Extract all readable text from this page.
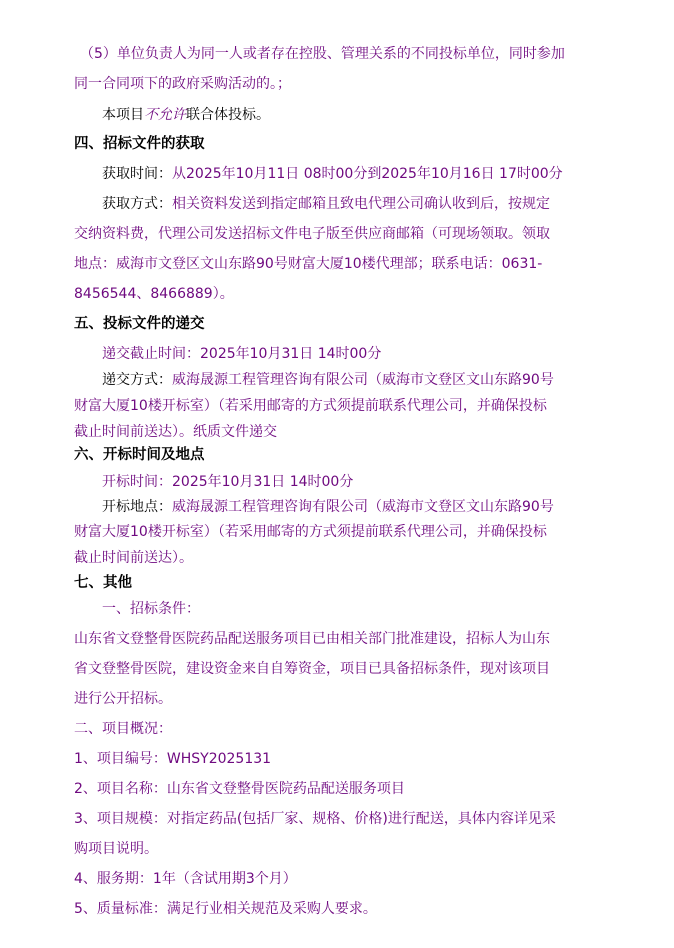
（5）单位负责人为同一人或者存在控股、管理关系的不同投标单位，同时参加
同一合同项下的政府采购活动的。；
本项目不允许联合体投标。
四、招标文件的获取
获取时间：从2025年10月11日 08时00分到2025年10月16日 17时00分
获取方式：相关资料发送到指定邮箱且致电代理公司确认收到后，按规定
交纳资料费，代理公司发送招标文件电子版至供应商邮箱（可现场领取。领取
地点：威海市文登区文山东路90号财富大厦10楼代理部；联系电话：0631-
8456544、8466889）。
五、投标文件的递交
递交截止时间：2025年10月31日 14时00分
递交方式：威海晟源工程管理咨询有限公司（威海市文登区文山东路90号
财富大厦10楼开标室）（若采用邮寄的方式须提前联系代理公司，并确保投标
截止时间前送达）。纸质文件递交
六、开标时间及地点
开标时间：2025年10月31日 14时00分
开标地点：威海晟源工程管理咨询有限公司（威海市文登区文山东路90号
财富大厦10楼开标室）（若采用邮寄的方式须提前联系代理公司，并确保投标
截止时间前送达）。
七、其他
一、招标条件：
山东省文登整骨医院药品配送服务项目已由相关部门批准建设，招标人为山东
省文登整骨医院，建设资金来自自筹资金，项目已具备招标条件，现对该项目
进行公开招标。
二、项目概况：
1、项目编号：WHSY2025131
2、项目名称：山东省文登整骨医院药品配送服务项目
3、项目规模：对指定药品(包括厂家、规格、价格)进行配送，具体内容详见采
购项目说明。
4、服务期：1年（含试用期3个月）
5、质量标准：满足行业相关规范及采购人要求。
